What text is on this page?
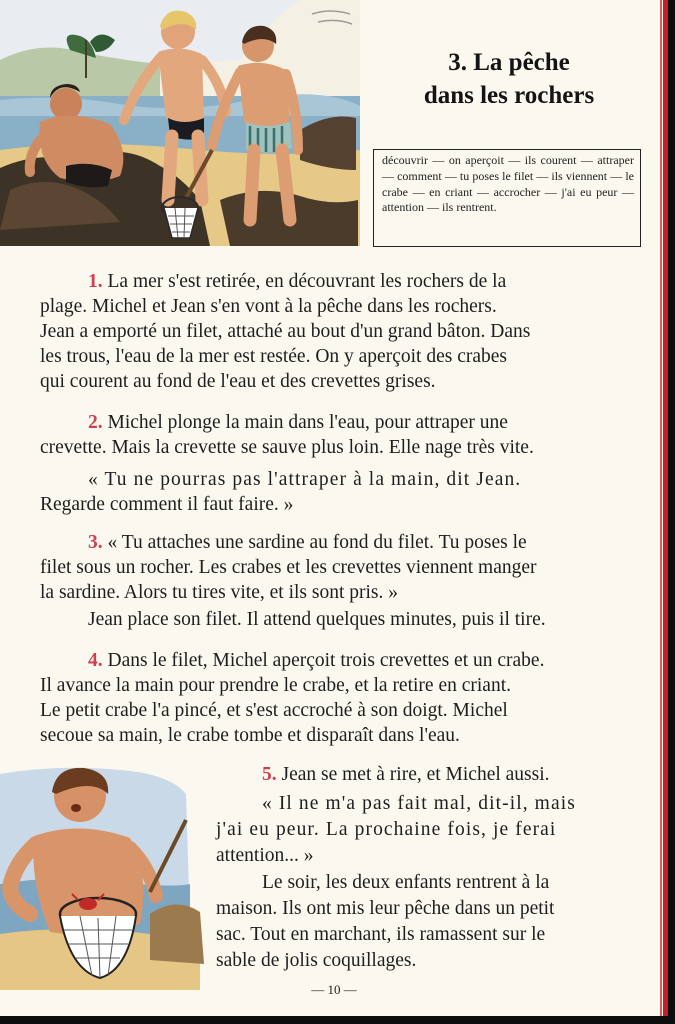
3. La pêche
dans les rochers
découvrir — on aperçoit — ils courent — attraper — comment — tu poses le filet — ils viennent — le crabe — en criant — accrocher — j'ai eu peur — attention — ils rentrent.
1. La mer s'est retirée, en découvrant les rochers de la
plage. Michel et Jean s'en vont à la pêche dans les rochers.
Jean a emporté un filet, attaché au bout d'un grand bâton. Dans
les trous, l'eau de la mer est restée. On y aperçoit des crabes
qui courent au fond de l'eau et des crevettes grises.
2. Michel plonge la main dans l'eau, pour attraper une
crevette. Mais la crevette se sauve plus loin. Elle nage très vite.
« Tu ne pourras pas l'attraper à la main, dit Jean.
Regarde comment il faut faire. »
3. « Tu attaches une sardine au fond du filet. Tu poses le
filet sous un rocher. Les crabes et les crevettes viennent manger
la sardine. Alors tu tires vite, et ils sont pris. »
Jean place son filet. Il attend quelques minutes, puis il tire.
4. Dans le filet, Michel aperçoit trois crevettes et un crabe.
Il avance la main pour prendre le crabe, et la retire en criant.
Le petit crabe l'a pincé, et s'est accroché à son doigt. Michel
secoue sa main, le crabe tombe et disparaît dans l'eau.
5. Jean se met à rire, et Michel aussi.
« Il ne m'a pas fait mal, dit-il, mais
j'ai eu peur. La prochaine fois, je ferai
attention... »
Le soir, les deux enfants rentrent à la
maison. Ils ont mis leur pêche dans un petit
sac. Tout en marchant, ils ramassent sur le
sable de jolis coquillages.
— 10 —
